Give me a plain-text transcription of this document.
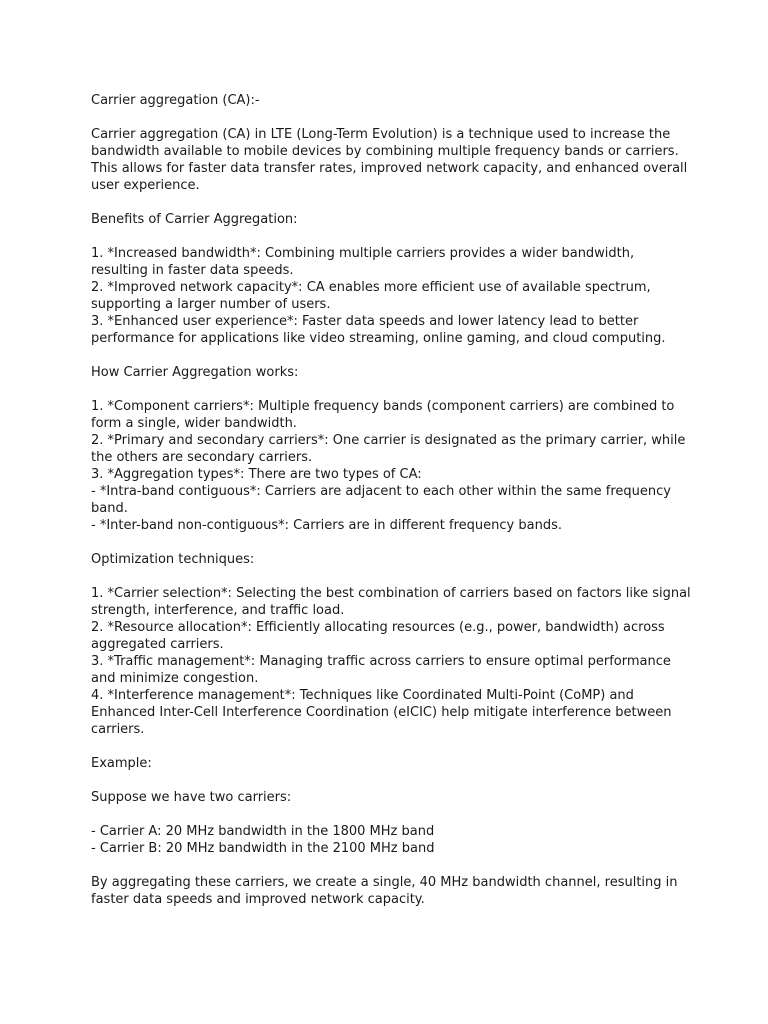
Carrier aggregation (CA):-

Carrier aggregation (CA) in LTE (Long-Term Evolution) is a technique used to increase the bandwidth available to mobile devices by combining multiple frequency bands or carriers. This allows for faster data transfer rates, improved network capacity, and enhanced overall user experience.

Benefits of Carrier Aggregation:

1. *Increased bandwidth*: Combining multiple carriers provides a wider bandwidth, resulting in faster data speeds.
2. *Improved network capacity*: CA enables more efficient use of available spectrum, supporting a larger number of users.
3. *Enhanced user experience*: Faster data speeds and lower latency lead to better performance for applications like video streaming, online gaming, and cloud computing.

How Carrier Aggregation works:

1. *Component carriers*: Multiple frequency bands (component carriers) are combined to form a single, wider bandwidth.
2. *Primary and secondary carriers*: One carrier is designated as the primary carrier, while the others are secondary carriers.
3. *Aggregation types*: There are two types of CA:
- *Intra-band contiguous*: Carriers are adjacent to each other within the same frequency band.
- *Inter-band non-contiguous*: Carriers are in different frequency bands.

Optimization techniques:

1. *Carrier selection*: Selecting the best combination of carriers based on factors like signal strength, interference, and traffic load.
2. *Resource allocation*: Efficiently allocating resources (e.g., power, bandwidth) across aggregated carriers.
3. *Traffic management*: Managing traffic across carriers to ensure optimal performance and minimize congestion.
4. *Interference management*: Techniques like Coordinated Multi-Point (CoMP) and Enhanced Inter-Cell Interference Coordination (eICIC) help mitigate interference between carriers.

Example:

Suppose we have two carriers:

- Carrier A: 20 MHz bandwidth in the 1800 MHz band
- Carrier B: 20 MHz bandwidth in the 2100 MHz band

By aggregating these carriers, we create a single, 40 MHz bandwidth channel, resulting in faster data speeds and improved network capacity.
